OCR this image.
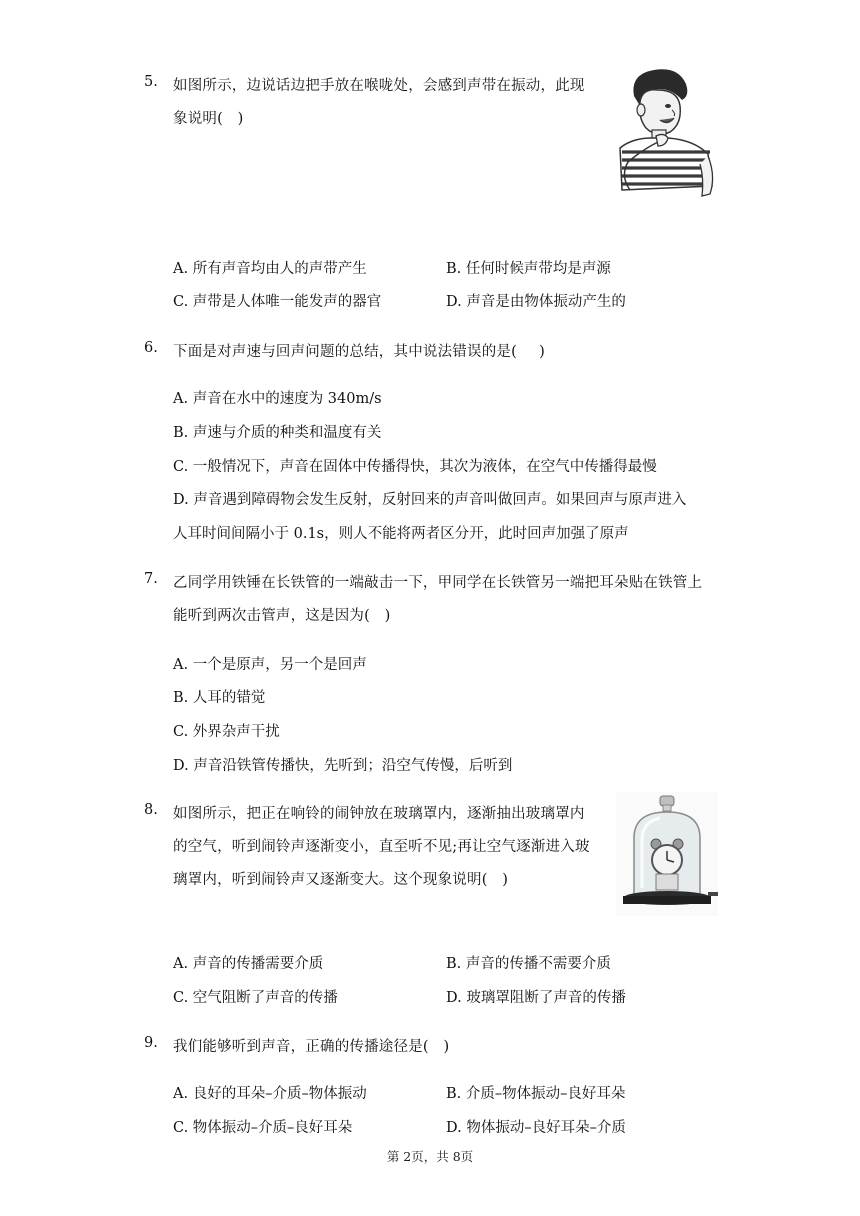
5. 如图所示，边说话边把手放在喉咙处，会感到声带在振动，此现
象说明( )
A. 所有声音均由人的声带产生	B. 任何时候声带均是声源
C. 声带是人体唯一能发声的器官	D. 声音是由物体振动产生的
6. 下面是对声速与回声问题的总结，其中说法错误的是(  )
A. 声音在水中的速度为 340m/s
B. 声速与介质的种类和温度有关
C. 一般情况下，声音在固体中传播得快，其次为液体，在空气中传播得最慢
D. 声音遇到障碍物会发生反射，反射回来的声音叫做回声。如果回声与原声进入
人耳时间间隔小于 0.1s，则人不能将两者区分开，此时回声加强了原声
7. 乙同学用铁锤在长铁管的一端敲击一下，甲同学在长铁管另一端把耳朵贴在铁管上
能听到两次击管声，这是因为( )
A. 一个是原声，另一个是回声
B. 人耳的错觉
C. 外界杂声干扰
D. 声音沿铁管传播快，先听到；沿空气传慢，后听到
8. 如图所示，把正在响铃的闹钟放在玻璃罩内，逐渐抽出玻璃罩内
的空气，听到闹铃声逐渐变小，直至听不见;再让空气逐渐进入玻
璃罩内，听到闹铃声又逐渐变大。这个现象说明( )
A. 声音的传播需要介质	B. 声音的传播不需要介质
C. 空气阻断了声音的传播	D. 玻璃罩阻断了声音的传播
9. 我们能够听到声音，正确的传播途径是( )
A. 良好的耳朵–介质–物体振动	B. 介质–物体振动–良好耳朵
C. 物体振动–介质–良好耳朵	D. 物体振动–良好耳朵–介质
第 2页，共 8页
